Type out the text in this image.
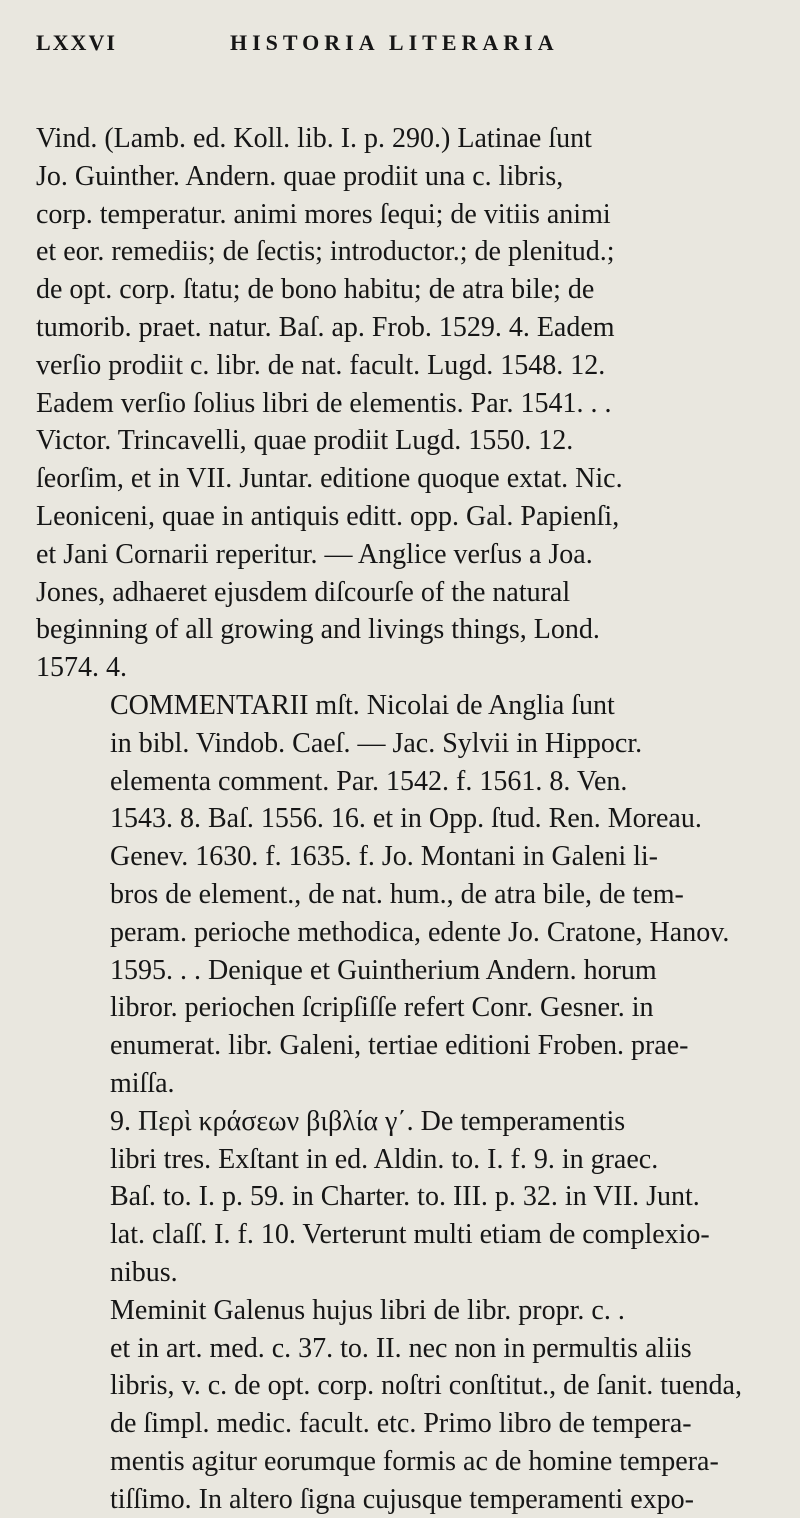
LXXVI	HISTORIA LITERARIA
Vind. (Lamb. ed. Koll. lib. I. p. 290.) Latinae ſunt
Jo. Guinther. Andern. quae prodiit una c. libris,
corp. temperatur. animi mores ſequi; de vitiis animi
et eor. remediis; de ſectis; introductor.; de plenitud.;
de opt. corp. ſtatu; de bono habitu; de atra bile; de
tumorib. praet. natur. Baſ. ap. Frob. 1529. 4. Eadem
verſio prodiit c. libr. de nat. facult. Lugd. 1548. 12.
Eadem verſio ſolius libri de elementis. Par. 1541. . .
Victor. Trincavelli, quae prodiit Lugd. 1550. 12.
ſeorſim, et in VII. Juntar. editione quoque extat. Nic.
Leoniceni, quae in antiquis editt. opp. Gal. Papienſi,
et Jani Cornarii reperitur. — Anglice verſus a Joa.
Jones, adhaeret ejusdem diſcourſe of the natural
beginning of all growing and livings things, Lond.
1574. 4.
COMMENTARII mſt. Nicolai de Anglia ſunt
in bibl. Vindob. Caeſ. — Jac. Sylvii in Hippocr.
elementa comment. Par. 1542. f. 1561. 8. Ven.
1543. 8. Baſ. 1556. 16. et in Opp. ſtud. Ren. Moreau.
Genev. 1630. f. 1635. f. Jo. Montani in Galeni li-
bros de element., de nat. hum., de atra bile, de tem-
peram. perioche methodica, edente Jo. Cratone, Hanov.
1595. . . Denique et Guintherium Andern. horum
libror. periochen ſcripſiſſe refert Conr. Gesner. in
enumerat. libr. Galeni, tertiae editioni Froben. prae-
miſſa.
9. Περὶ κράσεων βιβλία γ΄. De temperamentis
libri tres. Exſtant in ed. Aldin. to. I. f. 9. in graec.
Baſ. to. I. p. 59. in Charter. to. III. p. 32. in VII. Junt.
lat. claſſ. I. f. 10. Verterunt multi etiam de complexio-
nibus.
Meminit Galenus hujus libri de libr. propr. c. .
et in art. med. c. 37. to. II. nec non in permultis aliis
libris, v. c. de opt. corp. noſtri conſtitut., de ſanit. tuenda,
de ſimpl. medic. facult. etc. Primo libro de tempera-
mentis agitur eorumque formis ac de homine tempera-
tiſſimo. In altero ſigna cujusque temperamenti expo-
